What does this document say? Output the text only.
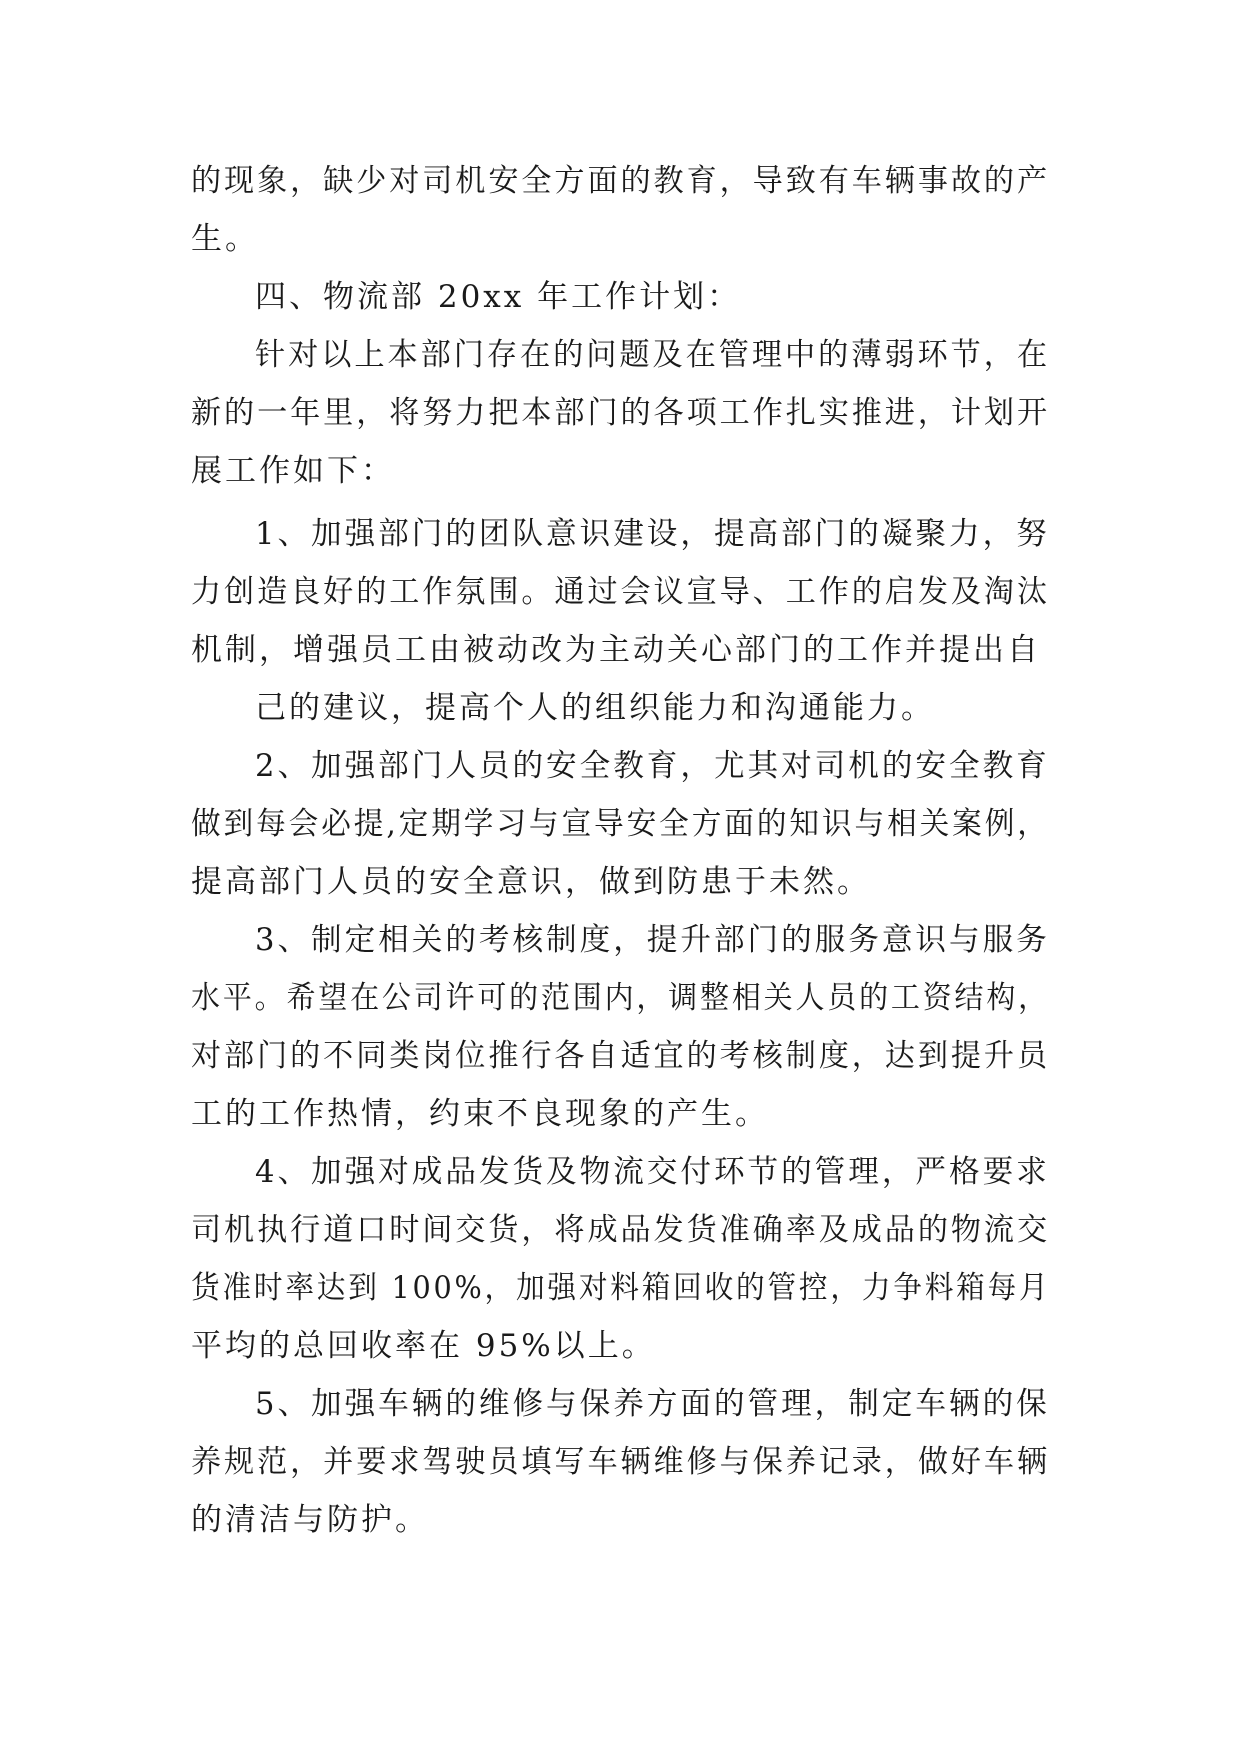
的现象，缺少对司机安全方面的教育，导致有车辆事故的产
生。
四、物流部 20xx 年工作计划：
针对以上本部门存在的问题及在管理中的薄弱环节，在
新的一年里，将努力把本部门的各项工作扎实推进，计划开
展工作如下：
1、加强部门的团队意识建设，提高部门的凝聚力，努
力创造良好的工作氛围。通过会议宣导、工作的启发及淘汰
机制，增强员工由被动改为主动关心部门的工作并提出自
己的建议，提高个人的组织能力和沟通能力。
2、加强部门人员的安全教育，尤其对司机的安全教育
做到每会必提,定期学习与宣导安全方面的知识与相关案例，
提高部门人员的安全意识，做到防患于未然。
3、制定相关的考核制度，提升部门的服务意识与服务
水平。希望在公司许可的范围内，调整相关人员的工资结构，
对部门的不同类岗位推行各自适宜的考核制度，达到提升员
工的工作热情，约束不良现象的产生。
4、加强对成品发货及物流交付环节的管理，严格要求
司机执行道口时间交货，将成品发货准确率及成品的物流交
货准时率达到 100%，加强对料箱回收的管控，力争料箱每月
平均的总回收率在 95%以上。
5、加强车辆的维修与保养方面的管理，制定车辆的保
养规范，并要求驾驶员填写车辆维修与保养记录，做好车辆
的清洁与防护。
